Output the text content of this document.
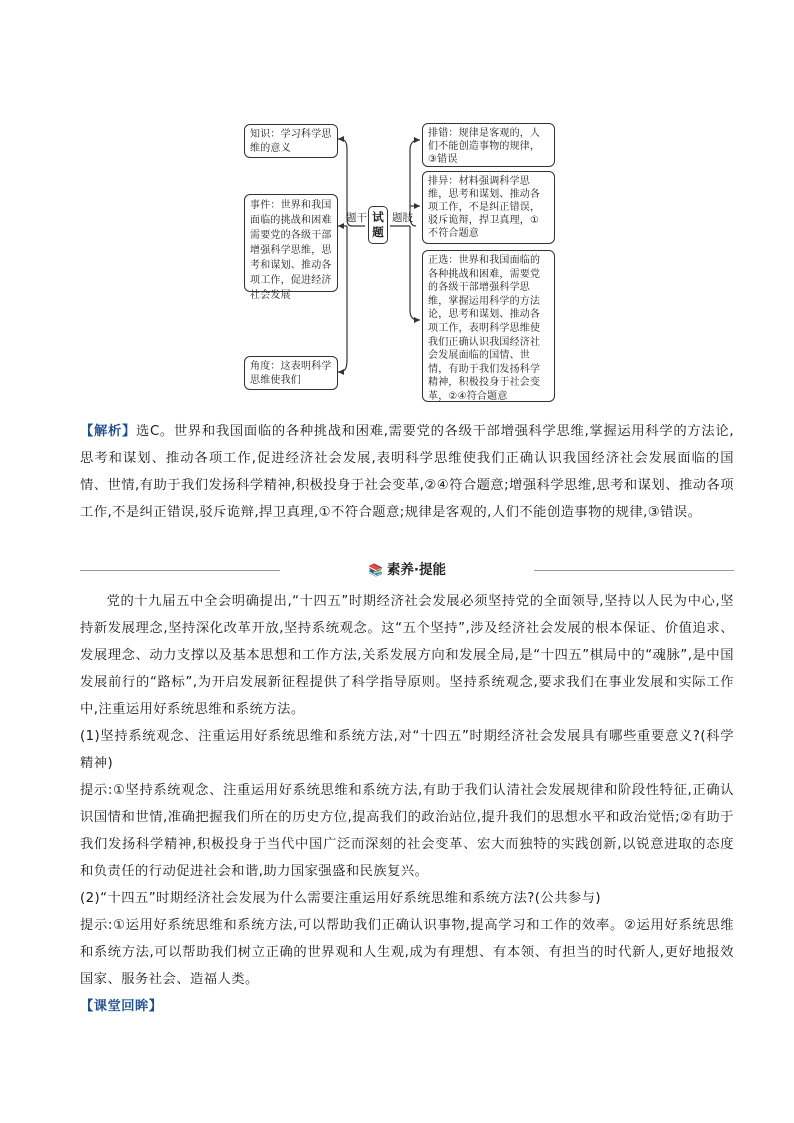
知识：学习科学思维的意义
事件：世界和我国面临的挑战和困难需要党的各级干部增强科学思维，思考和谋划、推动各项工作，促进经济社会发展
角度：这表明科学思维使我们
题干 试题
题肢
排错：规律是客观的，人们不能创造事物的规律，③错误
排异：材料强调科学思维，思考和谋划、推动各项工作，不是纠正错误，驳斥诡辩，捍卫真理，①不符合题意
正选：世界和我国面临的各种挑战和困难，需要党的各级干部增强科学思维，掌握运用科学的方法论，思考和谋划、推动各项工作，表明科学思维使我们正确认识我国经济社会发展面临的国情、世情，有助于我们发扬科学精神，积极投身于社会变革，②④符合题意
【解析】选C。世界和我国面临的各种挑战和困难,需要党的各级干部增强科学思维,掌握运用科学的方法论,思考和谋划、推动各项工作,促进经济社会发展,表明科学思维使我们正确认识我国经济社会发展面临的国情、世情,有助于我们发扬科学精神,积极投身于社会变革,②④符合题意;增强科学思维,思考和谋划、推动各项工作,不是纠正错误,驳斥诡辩,捍卫真理,①不符合题意;规律是客观的,人们不能创造事物的规律,③错误。
📚 素养·提能
党的十九届五中全会明确提出,“十四五”时期经济社会发展必须坚持党的全面领导,坚持以人民为中心,坚持新发展理念,坚持深化改革开放,坚持系统观念。这“五个坚持”,涉及经济社会发展的根本保证、价值追求、发展理念、动力支撑以及基本思想和工作方法,关系发展方向和发展全局,是“十四五”棋局中的“魂脉”,是中国发展前行的“路标”,为开启发展新征程提供了科学指导原则。坚持系统观念,要求我们在事业发展和实际工作中,注重运用好系统思维和系统方法。
(1)坚持系统观念、注重运用好系统思维和系统方法,对“十四五”时期经济社会发展具有哪些重要意义?(科学精神)
提示:①坚持系统观念、注重运用好系统思维和系统方法,有助于我们认清社会发展规律和阶段性特征,正确认识国情和世情,准确把握我们所在的历史方位,提高我们的政治站位,提升我们的思想水平和政治觉悟;②有助于我们发扬科学精神,积极投身于当代中国广泛而深刻的社会变革、宏大而独特的实践创新,以锐意进取的态度和负责任的行动促进社会和谐,助力国家强盛和民族复兴。
(2)“十四五”时期经济社会发展为什么需要注重运用好系统思维和系统方法?(公共参与)
提示:①运用好系统思维和系统方法,可以帮助我们正确认识事物,提高学习和工作的效率。②运用好系统思维和系统方法,可以帮助我们树立正确的世界观和人生观,成为有理想、有本领、有担当的时代新人,更好地报效国家、服务社会、造福人类。
【课堂回眸】
